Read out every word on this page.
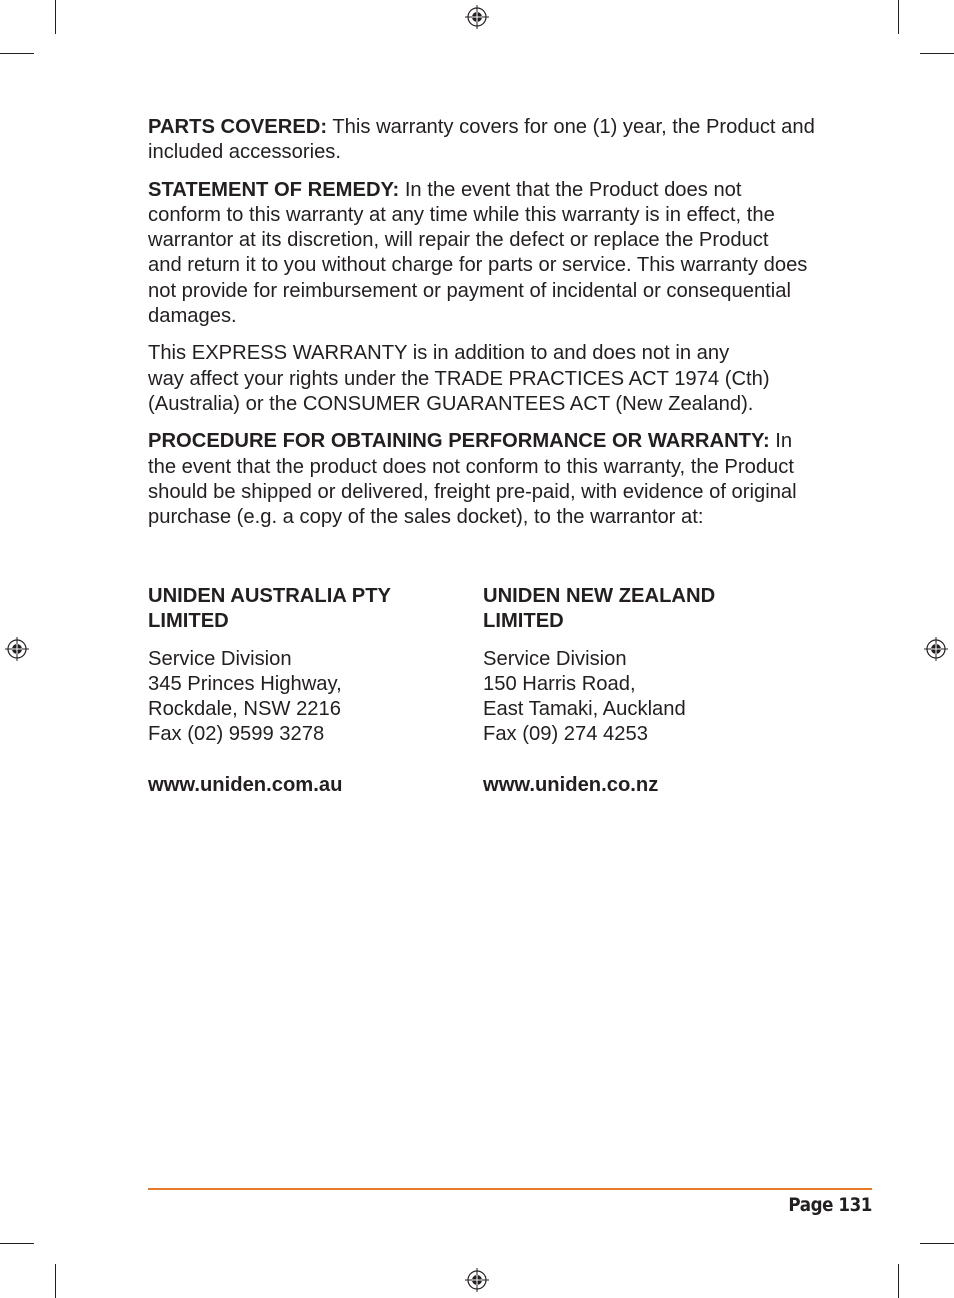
PARTS COVERED: This warranty covers for one (1) year, the Product and
included accessories.

STATEMENT OF REMEDY: In the event that the Product does not
conform to this warranty at any time while this warranty is in effect, the
warrantor at its discretion, will repair the defect or replace the Product
and return it to you without charge for parts or service. This warranty does
not provide for reimbursement or payment of incidental or consequential
damages.

This EXPRESS WARRANTY is in addition to and does not in any
way affect your rights under the TRADE PRACTICES ACT 1974 (Cth)
(Australia) or the CONSUMER GUARANTEES ACT (New Zealand).

PROCEDURE FOR OBTAINING PERFORMANCE OR WARRANTY: In
the event that the product does not conform to this warranty, the Product
should be shipped or delivered, freight pre-paid, with evidence of original
purchase (e.g. a copy of the sales docket), to the warrantor at:

UNIDEN AUSTRALIA PTY
LIMITED
Service Division
345 Princes Highway,
Rockdale, NSW 2216
Fax (02) 9599 3278
www.uniden.com.au
UNIDEN NEW ZEALAND
LIMITED
Service Division
150 Harris Road,
East Tamaki, Auckland
Fax (09) 274 4253
www.uniden.co.nz
Page 131
